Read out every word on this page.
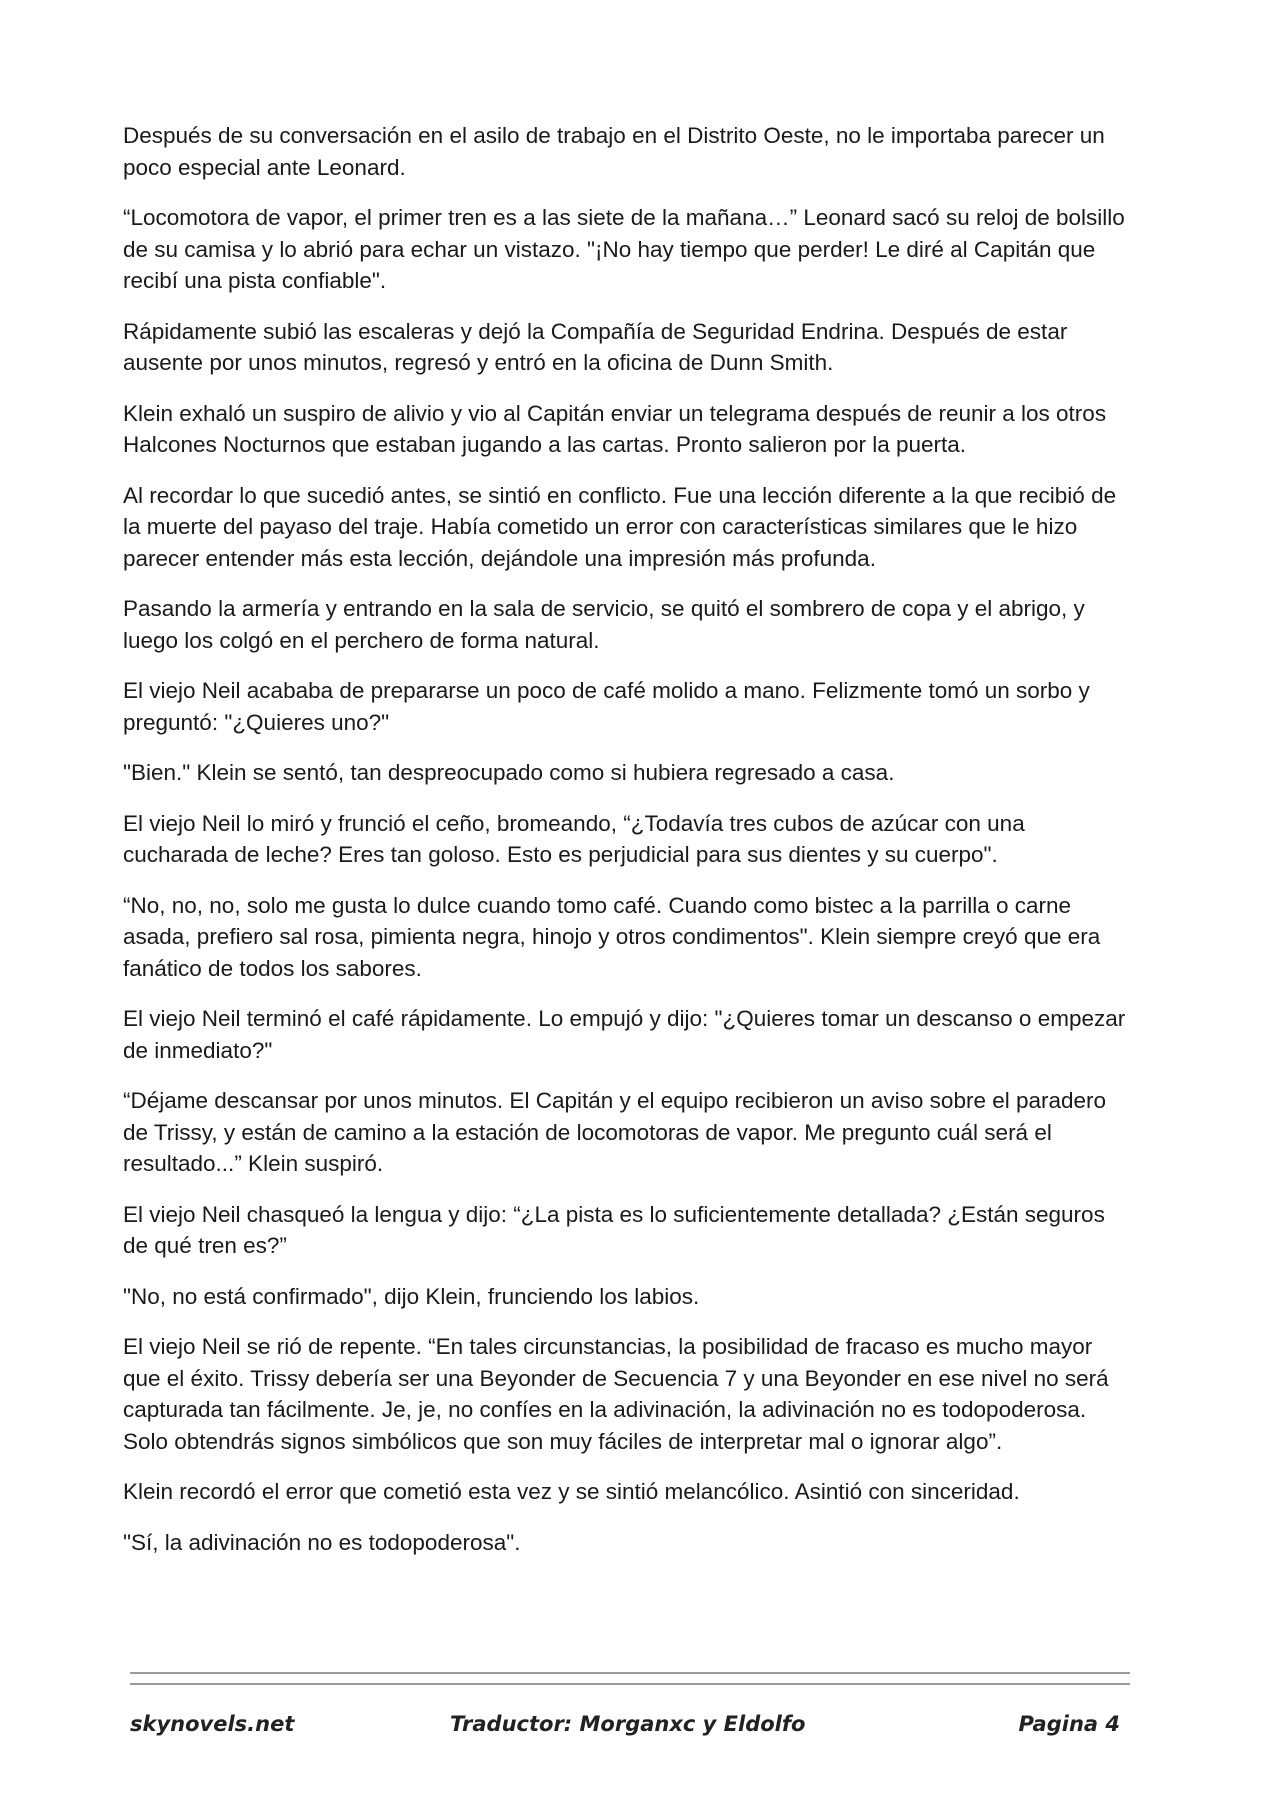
Después de su conversación en el asilo de trabajo en el Distrito Oeste, no le importaba parecer un poco especial ante Leonard.

“Locomotora de vapor, el primer tren es a las siete de la mañana…” Leonard sacó su reloj de bolsillo de su camisa y lo abrió para echar un vistazo. "¡No hay tiempo que perder! Le diré al Capitán que recibí una pista confiable".

Rápidamente subió las escaleras y dejó la Compañía de Seguridad Endrina. Después de estar ausente por unos minutos, regresó y entró en la oficina de Dunn Smith.

Klein exhaló un suspiro de alivio y vio al Capitán enviar un telegrama después de reunir a los otros Halcones Nocturnos que estaban jugando a las cartas. Pronto salieron por la puerta.

Al recordar lo que sucedió antes, se sintió en conflicto. Fue una lección diferente a la que recibió de la muerte del payaso del traje. Había cometido un error con características similares que le hizo parecer entender más esta lección, dejándole una impresión más profunda.

Pasando la armería y entrando en la sala de servicio, se quitó el sombrero de copa y el abrigo, y luego los colgó en el perchero de forma natural.

El viejo Neil acababa de prepararse un poco de café molido a mano. Felizmente tomó un sorbo y preguntó: "¿Quieres uno?"

"Bien." Klein se sentó, tan despreocupado como si hubiera regresado a casa.

El viejo Neil lo miró y frunció el ceño, bromeando, “¿Todavía tres cubos de azúcar con una cucharada de leche? Eres tan goloso. Esto es perjudicial para sus dientes y su cuerpo".

“No, no, no, solo me gusta lo dulce cuando tomo café. Cuando como bistec a la parrilla o carne asada, prefiero sal rosa, pimienta negra, hinojo y otros condimentos". Klein siempre creyó que era fanático de todos los sabores.

El viejo Neil terminó el café rápidamente. Lo empujó y dijo: "¿Quieres tomar un descanso o empezar de inmediato?"

“Déjame descansar por unos minutos. El Capitán y el equipo recibieron un aviso sobre el paradero de Trissy, y están de camino a la estación de locomotoras de vapor. Me pregunto cuál será el resultado...” Klein suspiró.

El viejo Neil chasqueó la lengua y dijo: “¿La pista es lo suficientemente detallada? ¿Están seguros de qué tren es?”

"No, no está confirmado", dijo Klein, frunciendo los labios.

El viejo Neil se rió de repente. “En tales circunstancias, la posibilidad de fracaso es mucho mayor que el éxito. Trissy debería ser una Beyonder de Secuencia 7 y una Beyonder en ese nivel no será capturada tan fácilmente. Je, je, no confíes en la adivinación, la adivinación no es todopoderosa. Solo obtendrás signos simbólicos que son muy fáciles de interpretar mal o ignorar algo”.

Klein recordó el error que cometió esta vez y se sintió melancólico. Asintió con sinceridad.

"Sí, la adivinación no es todopoderosa".

skynovels.net	Traductor: Morganxc y Eldolfo	Pagina 4
